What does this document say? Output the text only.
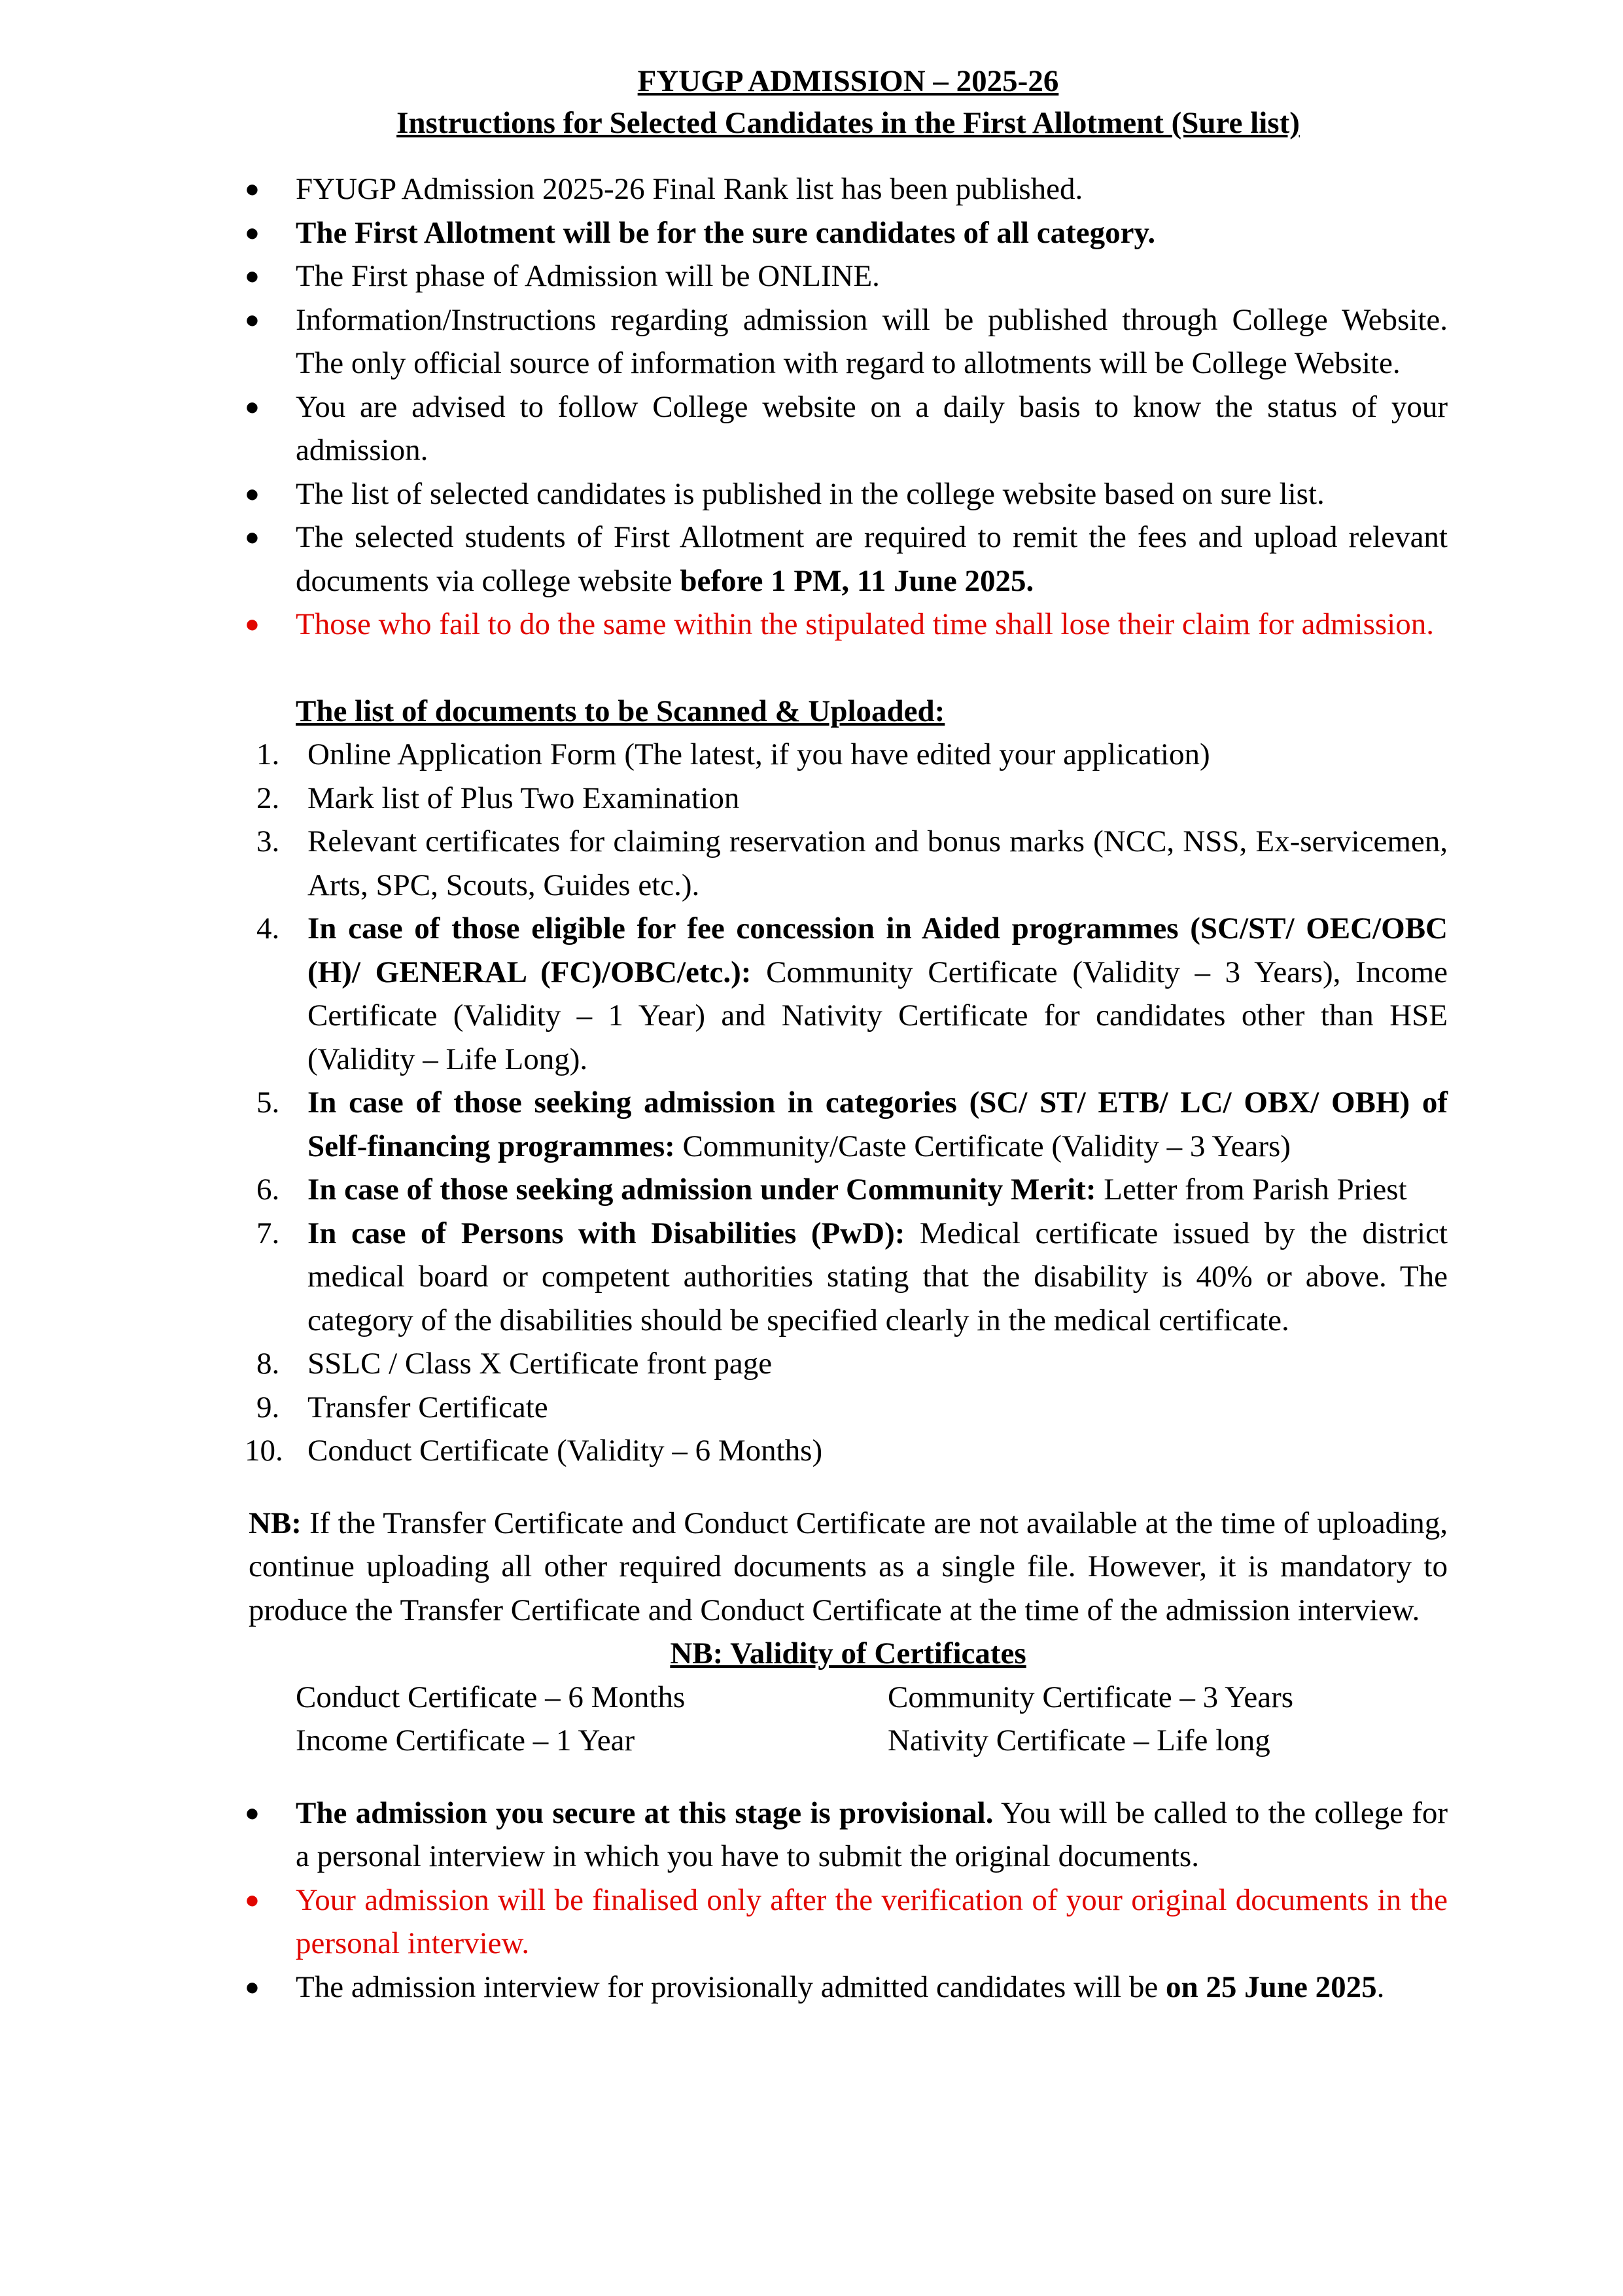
FYUGP ADMISSION – 2025-26
Instructions for Selected Candidates in the First Allotment (Sure list)
● FYUGP Admission 2025-26 Final Rank list has been published.
● The First Allotment will be for the sure candidates of all category.
● The First phase of Admission will be ONLINE.
● Information/Instructions regarding admission will be published through College Website. The only official source of information with regard to allotments will be College Website.
● You are advised to follow College website on a daily basis to know the status of your admission.
● The list of selected candidates is published in the college website based on sure list.
● The selected students of First Allotment are required to remit the fees and upload relevant documents via college website before 1 PM, 11 June 2025.
● Those who fail to do the same within the stipulated time shall lose their claim for admission.
The list of documents to be Scanned & Uploaded:
1. Online Application Form (The latest, if you have edited your application)
2. Mark list of Plus Two Examination
3. Relevant certificates for claiming reservation and bonus marks (NCC, NSS, Ex-servicemen, Arts, SPC, Scouts, Guides etc.).
4. In case of those eligible for fee concession in Aided programmes (SC/ST/ OEC/OBC (H)/ GENERAL (FC)/OBC/etc.): Community Certificate (Validity – 3 Years), Income Certificate (Validity – 1 Year) and Nativity Certificate for candidates other than HSE (Validity – Life Long).
5. In case of those seeking admission in categories (SC/ ST/ ETB/ LC/ OBX/ OBH) of Self-financing programmes: Community/Caste Certificate (Validity – 3 Years)
6. In case of those seeking admission under Community Merit: Letter from Parish Priest
7. In case of Persons with Disabilities (PwD): Medical certificate issued by the district medical board or competent authorities stating that the disability is 40% or above. The category of the disabilities should be specified clearly in the medical certificate.
8. SSLC / Class X Certificate front page
9. Transfer Certificate
10. Conduct Certificate (Validity – 6 Months)
NB: If the Transfer Certificate and Conduct Certificate are not available at the time of uploading, continue uploading all other required documents as a single file. However, it is mandatory to produce the Transfer Certificate and Conduct Certificate at the time of the admission interview.
NB: Validity of Certificates
Conduct Certificate – 6 Months	Community Certificate – 3 Years
Income Certificate – 1 Year	Nativity Certificate – Life long
● The admission you secure at this stage is provisional. You will be called to the college for a personal interview in which you have to submit the original documents.
● Your admission will be finalised only after the verification of your original documents in the personal interview.
● The admission interview for provisionally admitted candidates will be on 25 June 2025.
